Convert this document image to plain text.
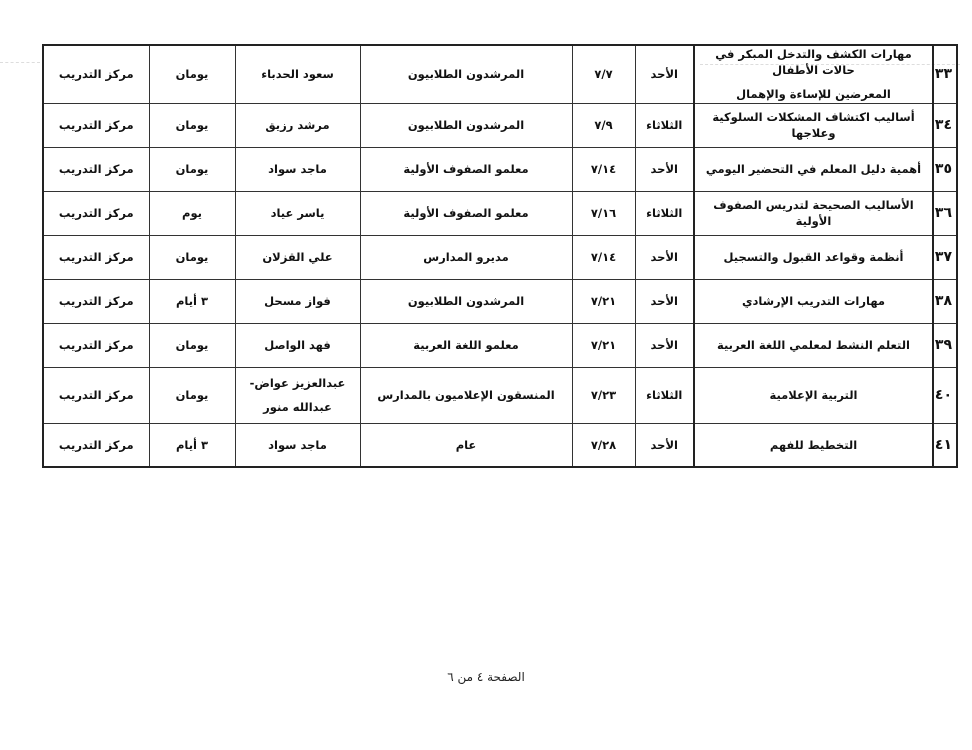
مركز التدريب	يومان	سعود الحدباء	المرشدون الطلابيون	٧/٧	الأحد	مهارات الكشف والتدخل المبكر في حالات الأطفال
المعرضين للإساءة والإهمال	٣٣
مركز التدريب	يومان	مرشد رزيق	المرشدون الطلابيون	٧/٩	الثلاثاء	أساليب اكتشاف المشكلات السلوكية وعلاجها	٣٤
مركز التدريب	يومان	ماجد سواد	معلمو الصفوف الأولية	٧/١٤	الأحد	أهمية دليل المعلم في التحضير اليومي	٣٥
مركز التدريب	يوم	ياسر عياد	معلمو الصفوف الأولية	٧/١٦	الثلاثاء	الأساليب الصحيحة لتدريس الصفوف الأولية	٣٦
مركز التدريب	يومان	علي القزلان	مديرو المدارس	٧/١٤	الأحد	أنظمة وقواعد القبول والتسجيل	٣٧
مركز التدريب	٣ أيام	فواز مسحل	المرشدون الطلابيون	٧/٢١	الأحد	مهارات التدريب الإرشادي	٣٨
مركز التدريب	يومان	فهد الواصل	معلمو اللغة العربية	٧/٢١	الأحد	التعلم النشط لمعلمي اللغة العربية	٣٩
مركز التدريب	يومان	عبدالعزيز عواض-
عبدالله منور	المنسقون الإعلاميون بالمدارس	٧/٢٣	الثلاثاء	التربية الإعلامية	٤٠
مركز التدريب	٣ أيام	ماجد سواد	عام	٧/٢٨	الأحد	التخطيط للفهم	٤١
الصفحة ٤ من ٦
